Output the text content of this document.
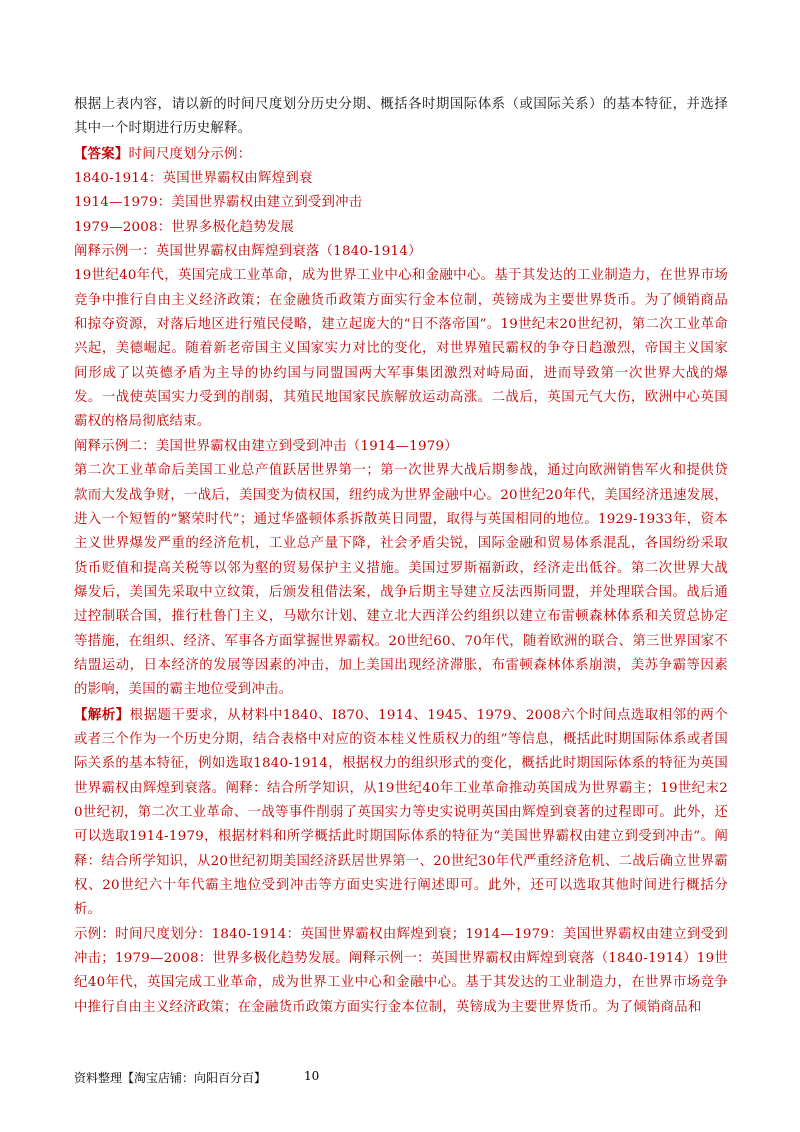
根据上表内容，请以新的时间尺度划分历史分期、概括各时期国际体系（或国际关系）的基本特征，并选择其中一个时期进行历史解释。

【答案】时间尺度划分示例：

1840-1914：英国世界霸权由辉煌到衰

1914—1979：美国世界霸权由建立到受到冲击

1979—2008：世界多极化趋势发展

阐释示例一：英国世界霸权由辉煌到衰落（1840-1914）

19世纪40年代，英国完成工业革命，成为世界工业中心和金融中心。基于其发达的工业制造力，在世界市场竞争中推行自由主义经济政策；在金融货币政策方面实行金本位制，英镑成为主要世界货币。为了倾销商品和掠夺资源，对落后地区进行殖民侵略，建立起庞大的“日不落帝国”。19世纪末20世纪初，第二次工业革命兴起，美德崛起。随着新老帝国主义国家实力对比的变化，对世界殖民霸权的争夺日趋激烈，帝国主义国家间形成了以英德矛盾为主导的协约国与同盟国两大军事集团激烈对峙局面，进而导致第一次世界大战的爆发。一战使英国实力受到的削弱，其殖民地国家民族解放运动高涨。二战后，英国元气大伤，欧洲中心英国霸权的格局彻底结束。

阐释示例二：美国世界霸权由建立到受到冲击（1914—1979）

第二次工业革命后美国工业总产值跃居世界第一；第一次世界大战后期参战，通过向欧洲销售军火和提供贷款而大发战争财，一战后，美国变为债权国，纽约成为世界金融中心。20世纪20年代，美国经济迅速发展，进入一个短暂的“繁荣时代”；通过华盛顿体系拆散英日同盟，取得与英国相同的地位。1929-1933年，资本主义世界爆发严重的经济危机，工业总产量下降，社会矛盾尖锐，国际金融和贸易体系混乱，各国纷纷采取货币贬值和提高关税等以邻为壑的贸易保护主义措施。美国过罗斯福新政，经济走出低谷。第二次世界大战爆发后，美国先采取中立纹策，后颁发租借法案，战争后期主导建立反法西斯同盟，并处理联合国。战后通过控制联合国，推行杜鲁门主义，马歇尔计划、建立北大西洋公约组织以建立布雷顿森林体系和关贸总协定等措施，在组织、经济、军事各方面掌握世界霸权。20世纪60、70年代，随着欧洲的联合、第三世界国家不结盟运动，日本经济的发展等因素的冲击，加上美国出现经济滞胀，布雷顿森林体系崩溃，美苏争霸等因素的影响，美国的霸主地位受到冲击。

【解析】根据题干要求，从材料中1840、I870、1914、1945、1979、2008六个时间点选取相邻的两个或者三个作为一个历史分期，结合表格中对应的资本桂义性质权力的组”等信息，概括此时期国际体系或者国际关系的基本特征，例如选取1840-1914，根据权力的组织形式的变化，概括此时期国际体系的特征为英国世界霸权由辉煌到衰落。阐释：结合所学知识，从19世纪40年工业革命推动英国成为世界霸主；19世纪末20世纪初，第二次工业革命、一战等事件削弱了英国实力等史实说明英国由辉煌到衰著的过程即可。此外，还可以选取1914-1979，根据材料和所学概括此时期国际体系的特征为“美国世界霸权由建立到受到冲击”。阐释：结合所学知识，从20世纪初期美国经济跃居世界第一、20世纪30年代严重经济危机、二战后确立世界霸权、20世纪六十年代霸主地位受到冲击等方面史实进行阐述即可。此外，还可以选取其他时间进行概括分析。

示例：时间尺度划分：1840-1914：英国世界霸权由辉煌到衰；1914—1979：美国世界霸权由建立到受到冲击；1979—2008：世界多极化趋势发展。阐释示例一：英国世界霸权由辉煌到衰落（1840-1914）19世纪40年代，英国完成工业革命，成为世界工业中心和金融中心。基于其发达的工业制造力，在世界市场竞争中推行自由主义经济政策；在金融货币政策方面实行金本位制，英镑成为主要世界货币。为了倾销商品和

资料整理【淘宝店铺：向阳百分百】	10
